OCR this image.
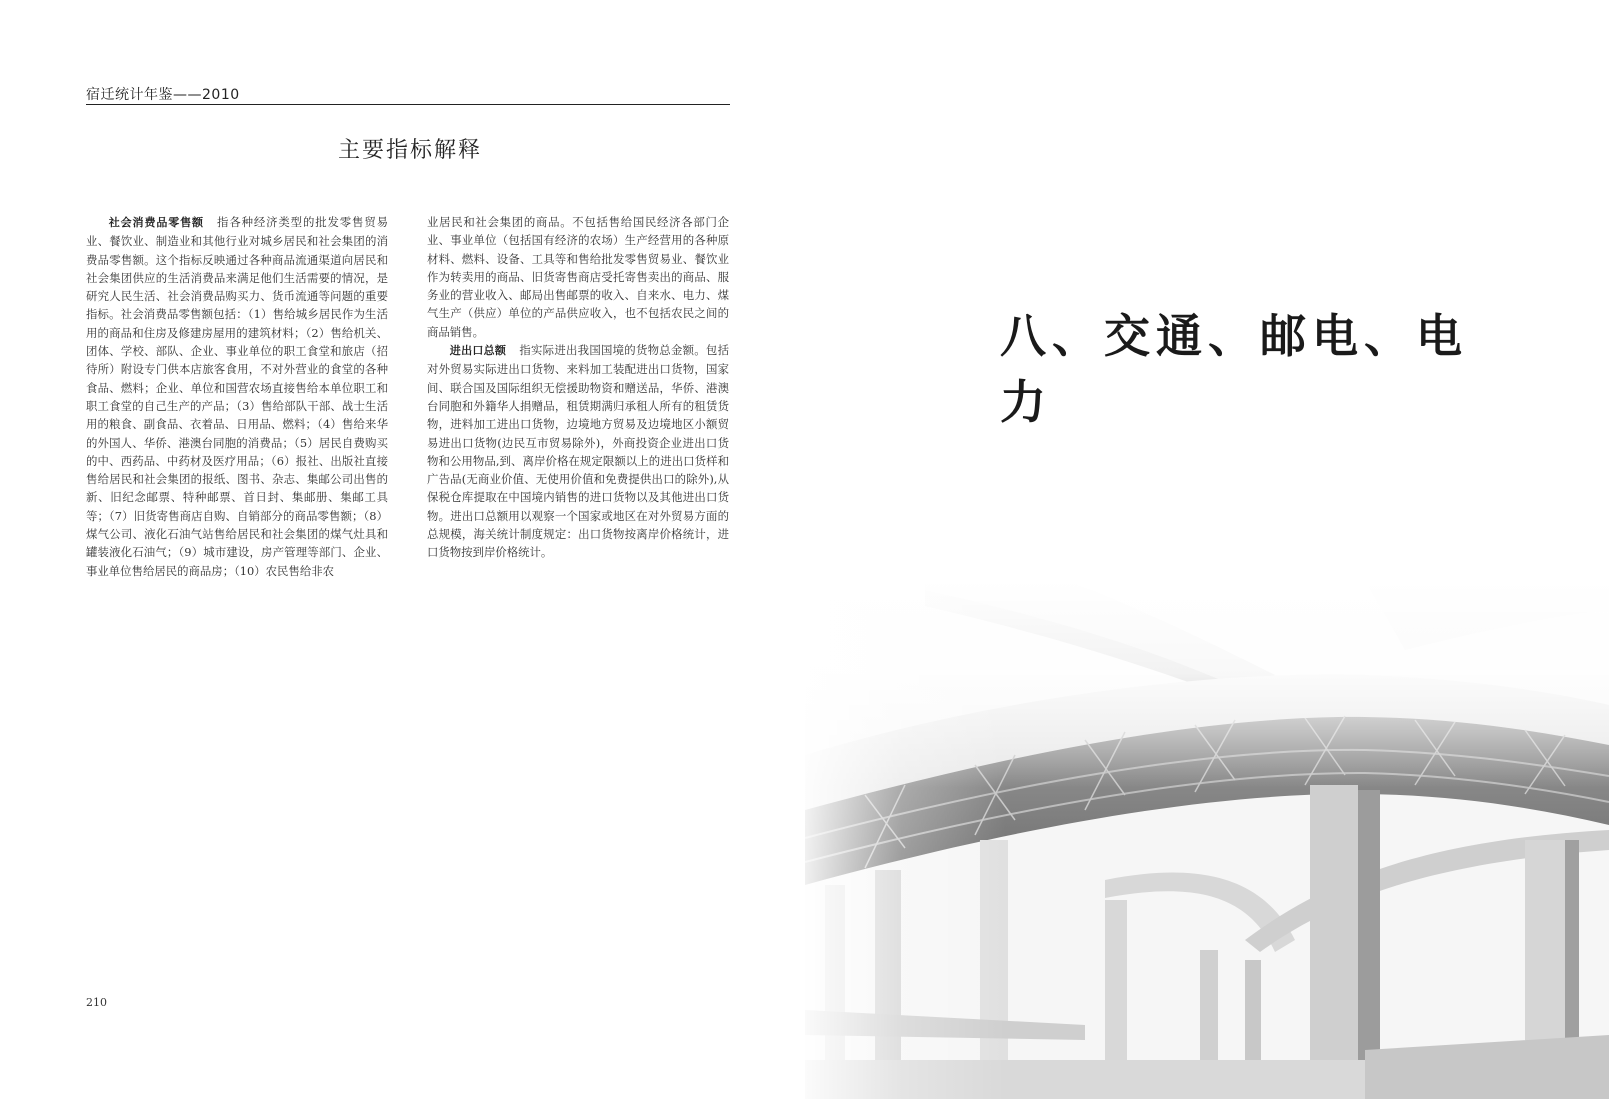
宿迁统计年鉴——2010
主要指标解释

社会消费品零售额 指各种经济类型的批发零售贸易业、餐饮业、制造业和其他行业对城乡居民和社会集团的消费品零售额。这个指标反映通过各种商品流通渠道向居民和社会集团供应的生活消费品来满足他们生活需要的情况，是研究人民生活、社会消费品购买力、货币流通等问题的重要指标。社会消费品零售额包括：（1）售给城乡居民作为生活用的商品和住房及修建房屋用的建筑材料；（2）售给机关、团体、学校、部队、企业、事业单位的职工食堂和旅店（招待所）附设专门供本店旅客食用，不对外营业的食堂的各种食品、燃料；企业、单位和国营农场直接售给本单位职工和职工食堂的自己生产的产品；（3）售给部队干部、战士生活用的粮食、副食品、衣着品、日用品、燃料；（4）售给来华的外国人、华侨、港澳台同胞的消费品；（5）居民自费购买的中、西药品、中药材及医疗用品；（6）报社、出版社直接售给居民和社会集团的报纸、图书、杂志、集邮公司出售的新、旧纪念邮票、特种邮票、首日封、集邮册、集邮工具等；（7）旧货寄售商店自购、自销部分的商品零售额；（8）煤气公司、液化石油气站售给居民和社会集团的煤气灶具和罐装液化石油气；（9）城市建设，房产管理等部门、企业、事业单位售给居民的商品房；（10）农民售给非农

业居民和社会集团的商品。不包括售给国民经济各部门企业、事业单位（包括国有经济的农场）生产经营用的各种原材料、燃料、设备、工具等和售给批发零售贸易业、餐饮业作为转卖用的商品、旧货寄售商店受托寄售卖出的商品、服务业的营业收入、邮局出售邮票的收入、自来水、电力、煤气生产（供应）单位的产品供应收入，也不包括农民之间的商品销售。

进出口总额 指实际进出我国国境的货物总金额。包括对外贸易实际进出口货物、来料加工装配进出口货物，国家间、联合国及国际组织无偿援助物资和赠送品，华侨、港澳台同胞和外籍华人捐赠品，租赁期满归承租人所有的租赁货物，进料加工进出口货物，边境地方贸易及边境地区小额贸易进出口货物(边民互市贸易除外)，外商投资企业进出口货物和公用物品,到、离岸价格在规定限额以上的进出口货样和广告品(无商业价值、无使用价值和免费提供出口的除外),从保税仓库提取在中国境内销售的进口货物以及其他进出口货物。进出口总额用以观察一个国家或地区在对外贸易方面的总规模，海关统计制度规定：出口货物按离岸价格统计，进口货物按到岸价格统计。

210
八、交通、邮电、电力
